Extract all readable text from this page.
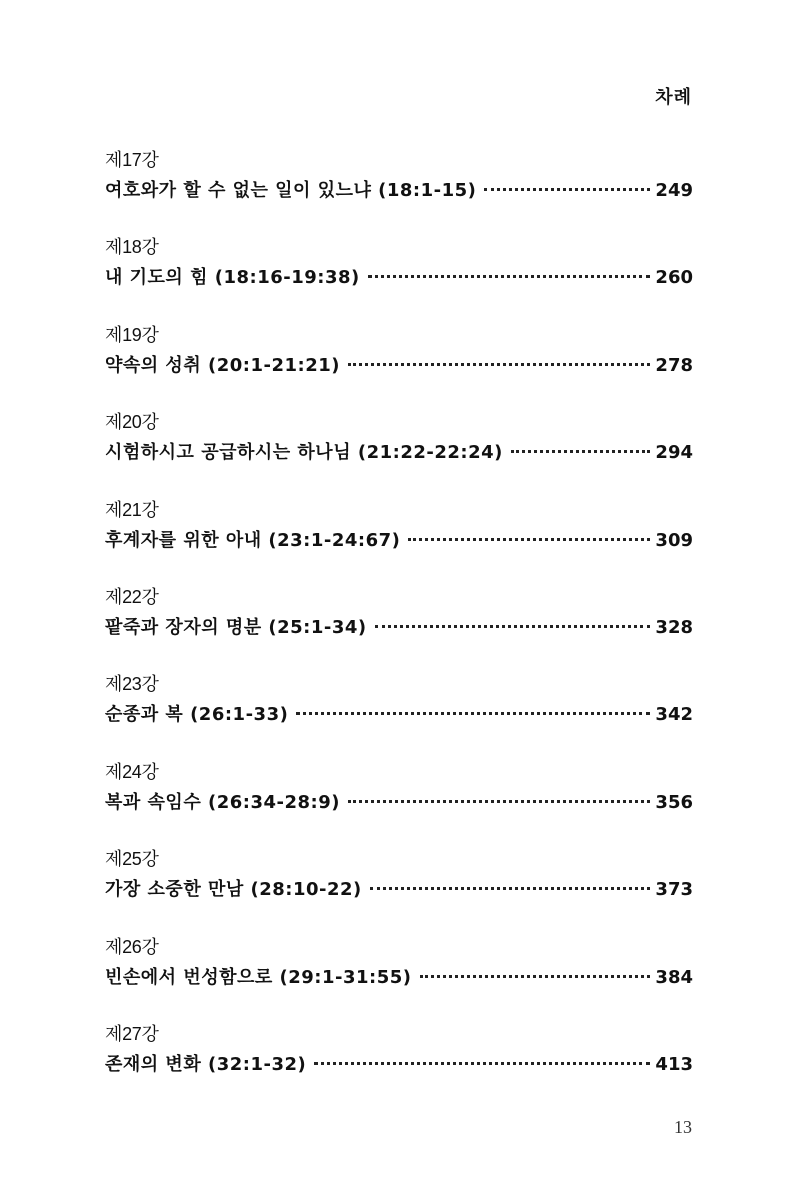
차례
제17강
여호와가 할 수 없는 일이 있느냐 (18:1-15)	249
제18강
내 기도의 힘 (18:16-19:38)	260
제19강
약속의 성취 (20:1-21:21)	278
제20강
시험하시고 공급하시는 하나님 (21:22-22:24)	294
제21강
후계자를 위한 아내 (23:1-24:67)	309
제22강
팥죽과 장자의 명분 (25:1-34)	328
제23강
순종과 복 (26:1-33)	342
제24강
복과 속임수 (26:34-28:9)	356
제25강
가장 소중한 만남 (28:10-22)	373
제26강
빈손에서 번성함으로 (29:1-31:55)	384
제27강
존재의 변화 (32:1-32)	413
13
